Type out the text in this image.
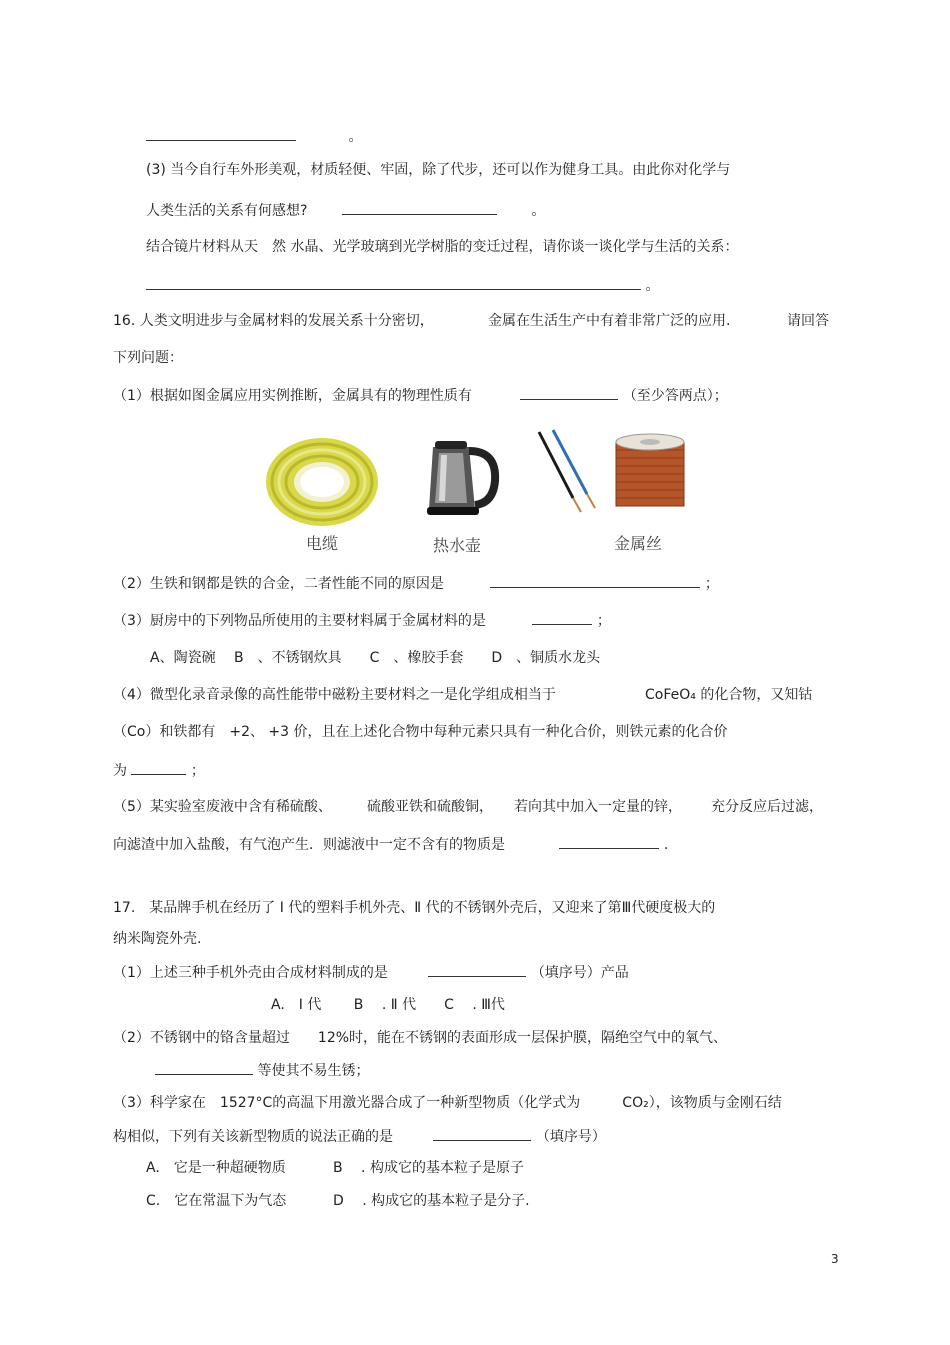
。
(3) 当今自行车外形美观，材质轻便、牢固，除了代步，还可以作为健身工具。由此你对化学与
人类生活的关系有何感想?	。
结合镜片材料从天　然 水晶、光学玻璃到光学树脂的变迁过程，请你谈一谈化学与生活的关系：
。
16. 人类文明进步与金属材料的发展关系十分密切，	金属在生活生产中有着非常广泛的应用.	请回答
下列问题：
（1）根据如图金属应用实例推断，金属具有的物理性质有	（至少答两点）；
电缆	热水壶	金属丝
（2）生铁和钢都是铁的合金，二者性能不同的原因是	；
（3）厨房中的下列物品所使用的主要材料属于金属材料的是	；
A、陶瓷碗　 B　、不锈钢炊具　　C　、橡胶手套　　D　、铜质水龙头
（4）微型化录音录像的高性能带中磁粉主要材料之一是化学组成相当于	CoFeO₄ 的化合物，又知钴
（Co）和铁都有　+2、 +3 价，且在上述化合物中每种元素只具有一种化合价，则铁元素的化合价
为	；
（5）某实验室废液中含有稀硫酸、	硫酸亚铁和硫酸铜， 若向其中加入一定量的锌， 充分反应后过滤，
向滤渣中加入盐酸，有气泡产生．则滤液中一定不含有的物质是	.
17.　某品牌手机在经历了 Ⅰ 代的塑料手机外壳、Ⅱ 代的不锈钢外壳后，又迎来了第Ⅲ代硬度极大的
纳米陶瓷外壳.
（1）上述三种手机外壳由合成材料制成的是	（填序号）产品
A.　Ⅰ 代　　 B　 . Ⅱ 代　　C　 . Ⅲ代
（2）不锈钢中的铬含量超过　　12%时，能在不锈钢的表面形成一层保护膜，隔绝空气中的氧气、
等使其不易生锈；
（3）科学家在　1527°C的高温下用激光器合成了一种新型物质（化学式为　　　CO₂），该物质与金刚石结
构相似，下列有关该新型物质的说法正确的是	（填序号）
A.　它是一种超硬物质	B　 . 构成它的基本粒子是原子
C.　它在常温下为气态	D　 . 构成它的基本粒子是分子.
3
